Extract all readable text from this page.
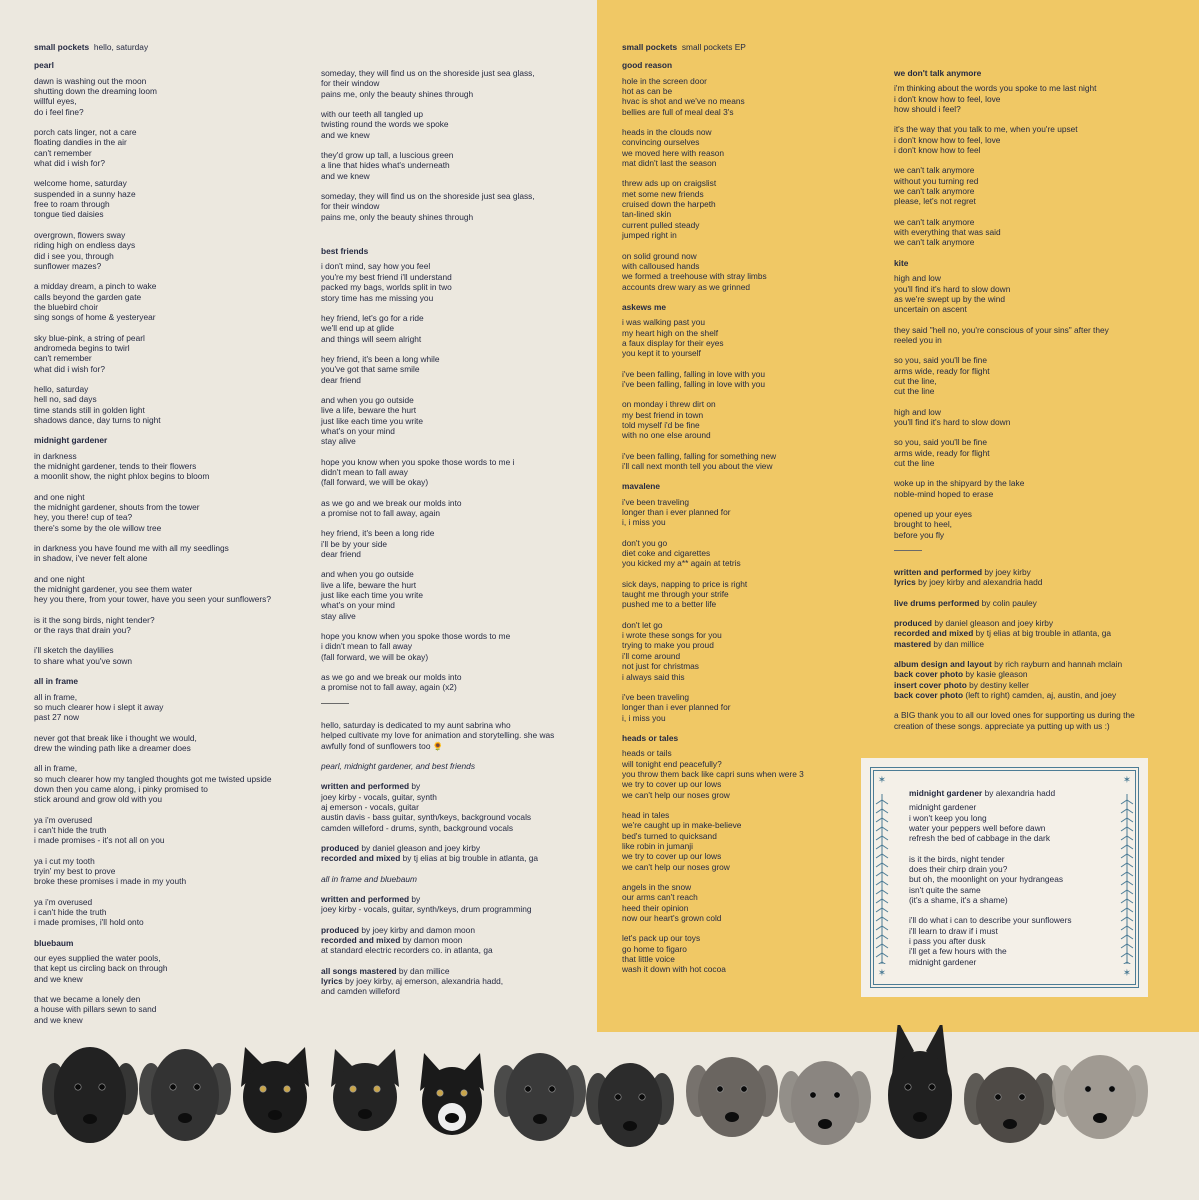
small pockets hello, saturday
pearl

dawn is washing out the moon
shutting down the dreaming loom
willful eyes,
do i feel fine?

porch cats linger, not a care
floating dandies in the air
can't remember
what did i wish for?

welcome home, saturday
suspended in a sunny haze
free to roam through
tongue tied daisies

overgrown, flowers sway
riding high on endless days
did i see you, through
sunflower mazes?

a midday dream, a pinch to wake
calls beyond the garden gate
the bluebird choir
sing songs of home & yesteryear

sky blue-pink, a string of pearl
andromeda begins to twirl
can't remember
what did i wish for?

hello, saturday
hell no, sad days
time stands still in golden light
shadows dance, day turns to night

midnight gardener

in darkness
the midnight gardener, tends to their flowers
a moonlit show, the night phlox begins to bloom

and one night
the midnight gardener, shouts from the tower
hey, you there! cup of tea?
there's some by the ole willow tree

in darkness you have found me with all my seedlings
in shadow, i've never felt alone

and one night
the midnight gardener, you see them water
hey you there, from your tower, have you seen your sunflowers?

is it the song birds, night tender?
or the rays that drain you?

i'll sketch the daylilies
to share what you've sown

all in frame

all in frame,
so much clearer how i slept it away
past 27 now

never got that break like i thought we would,
drew the winding path like a dreamer does

all in frame,
so much clearer how my tangled thoughts got me twisted upside
down then you came along, i pinky promised to
stick around and grow old with you

ya i'm overused
i can't hide the truth
i made promises - it's not all on you

ya i cut my tooth
tryin' my best to prove
broke these promises i made in my youth

ya i'm overused
i can't hide the truth
i made promises, i'll hold onto

bluebaum

our eyes supplied the water pools,
that kept us circling back on through
and we knew

that we became a lonely den
a house with pillars sewn to sand
and we knew

someday, they will find us on the shoreside just sea glass,
for their window
pains me, only the beauty shines through

with our teeth all tangled up
twisting round the words we spoke
and we knew

they'd grow up tall, a luscious green
a line that hides what's underneath
and we knew

someday, they will find us on the shoreside just sea glass,
for their window
pains me, only the beauty shines through

best friends

i don't mind, say how you feel
you're my best friend i'll understand
packed my bags, worlds split in two
story time has me missing you

hey friend, let's go for a ride
we'll end up at glide
and things will seem alright

hey friend, it's been a long while
you've got that same smile
dear friend

and when you go outside
live a life, beware the hurt
just like each time you write
what's on your mind
stay alive

hope you know when you spoke those words to me i
didn't mean to fall away
(fall forward, we will be okay)

as we go and we break our molds into
a promise not to fall away, again

hey friend, it's been a long ride
i'll be by your side
dear friend

and when you go outside
live a life, beware the hurt
just like each time you write
what's on your mind
stay alive

hope you know when you spoke those words to me
i didn't mean to fall away
(fall forward, we will be okay)

as we go and we break our molds into
a promise not to fall away, again (x2)

hello, saturday is dedicated to my aunt sabrina who
helped cultivate my love for animation and storytelling. she was
awfully fond of sunflowers too 🌻

pearl, midnight gardener, and best friends

written and performed by
joey kirby - vocals, guitar, synth
aj emerson - vocals, guitar
austin davis - bass guitar, synth/keys, background vocals
camden willeford - drums, synth, background vocals
produced by daniel gleason and joey kirby
recorded and mixed by tj elias at big trouble in atlanta, ga

all in frame and bluebaum

written and performed by
joey kirby - vocals, guitar, synth/keys, drum programming
produced by joey kirby and damon moon
recorded and mixed by damon moon
at standard electric recorders co. in atlanta, ga
all songs mastered by dan millice
lyrics by joey kirby, aj emerson, alexandria hadd,
and camden willeford
small pockets small pockets EP
good reason

hole in the screen door
hot as can be
hvac is shot and we've no means
bellies are full of meal deal 3's

heads in the clouds now
convincing ourselves
we moved here with reason
mat didn't last the season

threw ads up on craigslist
met some new friends
cruised down the harpeth
tan-lined skin
current pulled steady
jumped right in

on solid ground now
with calloused hands
we formed a treehouse with stray limbs
accounts drew wary as we grinned

askews me

i was walking past you
my heart high on the shelf
a faux display for their eyes
you kept it to yourself

i've been falling, falling in love with you
i've been falling, falling in love with you

on monday i threw dirt on
my best friend in town
told myself i'd be fine
with no one else around

i've been falling, falling for something new
i'll call next month tell you about the view

mavalene

i've been traveling
longer than i ever planned for
i, i miss you

don't you go
diet coke and cigarettes
you kicked my a** again at tetris

sick days, napping to price is right
taught me through your strife
pushed me to a better life

don't let go
i wrote these songs for you
trying to make you proud
i'll come around
not just for christmas
i always said this

i've been traveling
longer than i ever planned for
i, i miss you

heads or tales

heads or tails
will tonight end peacefully?
you throw them back like capri suns when were 3
we try to cover up our lows
we can't help our noses grow

head in tales
we're caught up in make-believe
bed's turned to quicksand
like robin in jumanji
we try to cover up our lows
we can't help our noses grow

angels in the snow
our arms can't reach
heed their opinion
now our heart's grown cold

let's pack up our toys
go home to figaro
that little voice
wash it down with hot cocoa

we don't talk anymore

i'm thinking about the words you spoke to me last night
i don't know how to feel, love
how should i feel?

it's the way that you talk to me, when you're upset
i don't know how to feel, love
i don't know how to feel

we can't talk anymore
without you turning red
we can't talk anymore
please, let's not regret

we can't talk anymore
with everything that was said
we can't talk anymore

kite

high and low
you'll find it's hard to slow down
as we're swept up by the wind
uncertain on ascent

they said "hell no, you're conscious of your sins" after they
reeled you in

so you, said you'll be fine
arms wide, ready for flight
cut the line,
cut the line

high and low
you'll find it's hard to slow down

so you, said you'll be fine
arms wide, ready for flight
cut the line

woke up in the shipyard by the lake
noble-mind hoped to erase

opened up your eyes
brought to heel,
before you fly

written and performed by joey kirby
lyrics by joey kirby and alexandria hadd
live drums performed by colin pauley
produced by daniel gleason and joey kirby
recorded and mixed by tj elias at big trouble in atlanta, ga
mastered by dan millice
album design and layout by rich rayburn and hannah mclain
back cover photo by kasie gleason
insert cover photo by destiny keller
back cover photo (left to right) camden, aj, austin, and joey

a BIG thank you to all our loved ones for supporting us during the
creation of these songs. appreciate ya putting up with us :)

✶	✶
✶	✶

midnight gardener by alexandria hadd

midnight gardener
i won't keep you long
water your peppers well before dawn
refresh the bed of cabbage in the dark

is it the birds, night tender
does their chirp drain you?
but oh, the moonlight on your hydrangeas
isn't quite the same
(it's a shame, it's a shame)

i'll do what i can to describe your sunflowers
i'll learn to draw if i must
i pass you after dusk
i'll get a few hours with the
midnight gardener
